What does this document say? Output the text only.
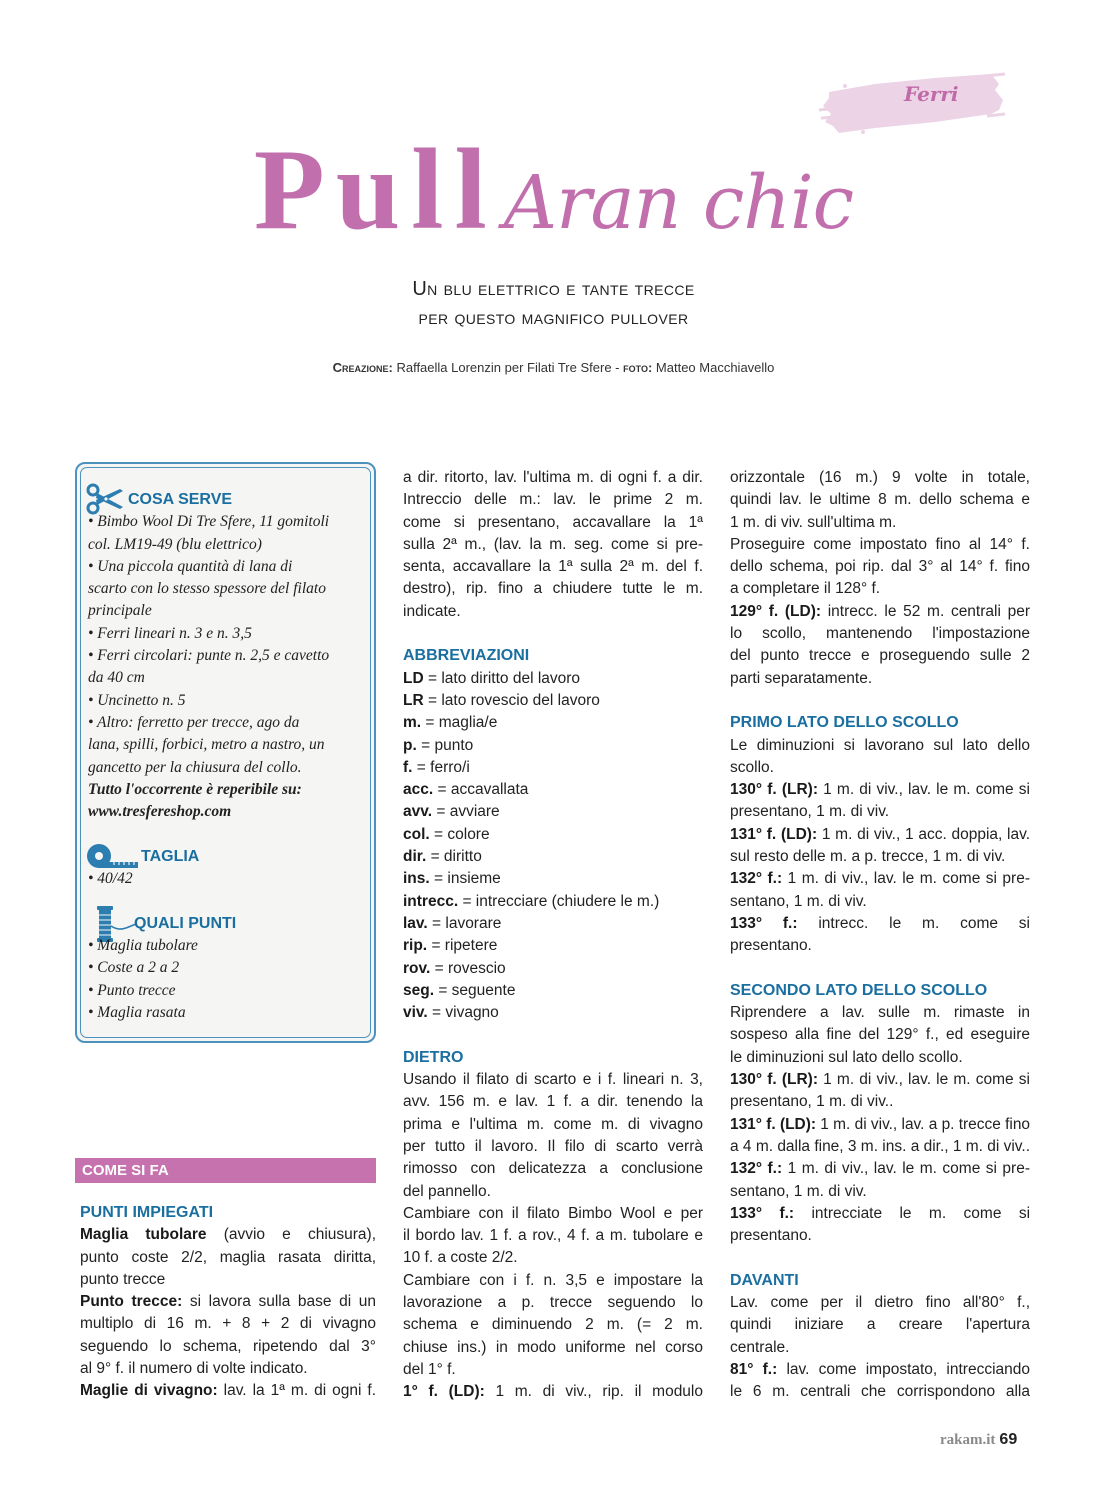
Ferri
PullAran chic
Un blu elettrico e tante trecce
per questo magnifico pullover
Creazione: Raffaella Lorenzin per Filati Tre Sfere - foto: Matteo Macchiavello
COSA SERVE
• Bimbo Wool Di Tre Sfere, 11 gomitoli
col. LM19-49 (blu elettrico)
• Una piccola quantità di lana di
scarto con lo stesso spessore del filato
principale
• Ferri lineari n. 3 e n. 3,5
• Ferri circolari: punte n. 2,5 e cavetto
da 40 cm
• Uncinetto n. 5
• Altro: ferretto per trecce, ago da
lana, spilli, forbici, metro a nastro, un
gancetto per la chiusura del collo.
Tutto l'occorrente è reperibile su:
www.tresfereshop.com
TAGLIA
• 40/42
QUALI PUNTI
• Maglia tubolare
• Coste a 2 a 2
• Punto trecce
• Maglia rasata
COME SI FA
PUNTI IMPIEGATI
Maglia tubolare (avvio e chiusura),
punto coste 2/2, maglia rasata diritta,
punto trecce
Punto trecce: si lavora sulla base di un
multiplo di 16 m. + 8 + 2 di vivagno
seguendo lo schema, ripetendo dal 3°
al 9° f. il numero di volte indicato.
Maglie di vivagno: lav. la 1ª m. di ogni f.
a dir. ritorto, lav. l'ultima m. di ogni f. a dir.
Intreccio delle m.: lav. le prime 2 m.
come si presentano, accavallare la 1ª
sulla 2ª m., (lav. la m. seg. come si pre-
senta, accavallare la 1ª sulla 2ª m. del f.
destro), rip. fino a chiudere tutte le m.
indicate.
ABBREVIAZIONI
LD = lato diritto del lavoro
LR = lato rovescio del lavoro
m. = maglia/e
p. = punto
f. = ferro/i
acc. = accavallata
avv. = avviare
col. = colore
dir. = diritto
ins. = insieme
intrecc. = intrecciare (chiudere le m.)
lav. = lavorare
rip. = ripetere
rov. = rovescio
seg. = seguente
viv. = vivagno
DIETRO
Usando il filato di scarto e i f. lineari n. 3,
avv. 156 m. e lav. 1 f. a dir. tenendo la
prima e l'ultima m. come m. di vivagno
per tutto il lavoro. Il filo di scarto verrà
rimosso con delicatezza a conclusione
del pannello.
Cambiare con il filato Bimbo Wool e per
il bordo lav. 1 f. a rov., 4 f. a m. tubolare e
10 f. a coste 2/2.
Cambiare con i f. n. 3,5 e impostare la
lavorazione a p. trecce seguendo lo
schema e diminuendo 2 m. (= 2 m.
chiuse ins.) in modo uniforme nel corso
del 1° f.
1° f. (LD): 1 m. di viv., rip. il modulo
orizzontale (16 m.) 9 volte in totale,
quindi lav. le ultime 8 m. dello schema e
1 m. di viv. sull'ultima m.
Proseguire come impostato fino al 14° f.
dello schema, poi rip. dal 3° al 14° f. fino
a completare il 128° f.
129° f. (LD): intrecc. le 52 m. centrali per
lo scollo, mantenendo l'impostazione
del punto trecce e proseguendo sulle 2
parti separatamente.
PRIMO LATO DELLO SCOLLO
Le diminuzioni si lavorano sul lato dello
scollo.
130° f. (LR): 1 m. di viv., lav. le m. come si
presentano, 1 m. di viv.
131° f. (LD): 1 m. di viv., 1 acc. doppia, lav.
sul resto delle m. a p. trecce, 1 m. di viv.
132° f.: 1 m. di viv., lav. le m. come si pre-
sentano, 1 m. di viv.
133° f.: intrecc. le m. come si
presentano.
SECONDO LATO DELLO SCOLLO
Riprendere a lav. sulle m. rimaste in
sospeso alla fine del 129° f., ed eseguire
le diminuzioni sul lato dello scollo.
130° f. (LR): 1 m. di viv., lav. le m. come si
presentano, 1 m. di viv..
131° f. (LD): 1 m. di viv., lav. a p. trecce fino
a 4 m. dalla fine, 3 m. ins. a dir., 1 m. di viv..
132° f.: 1 m. di viv., lav. le m. come si pre-
sentano, 1 m. di viv.
133° f.: intrecciate le m. come si
presentano.
DAVANTI
Lav. come per il dietro fino all'80° f.,
quindi iniziare a creare l'apertura
centrale.
81° f.: lav. come impostato, intrecciando
le 6 m. centrali che corrispondono alla
rakam.it 69
